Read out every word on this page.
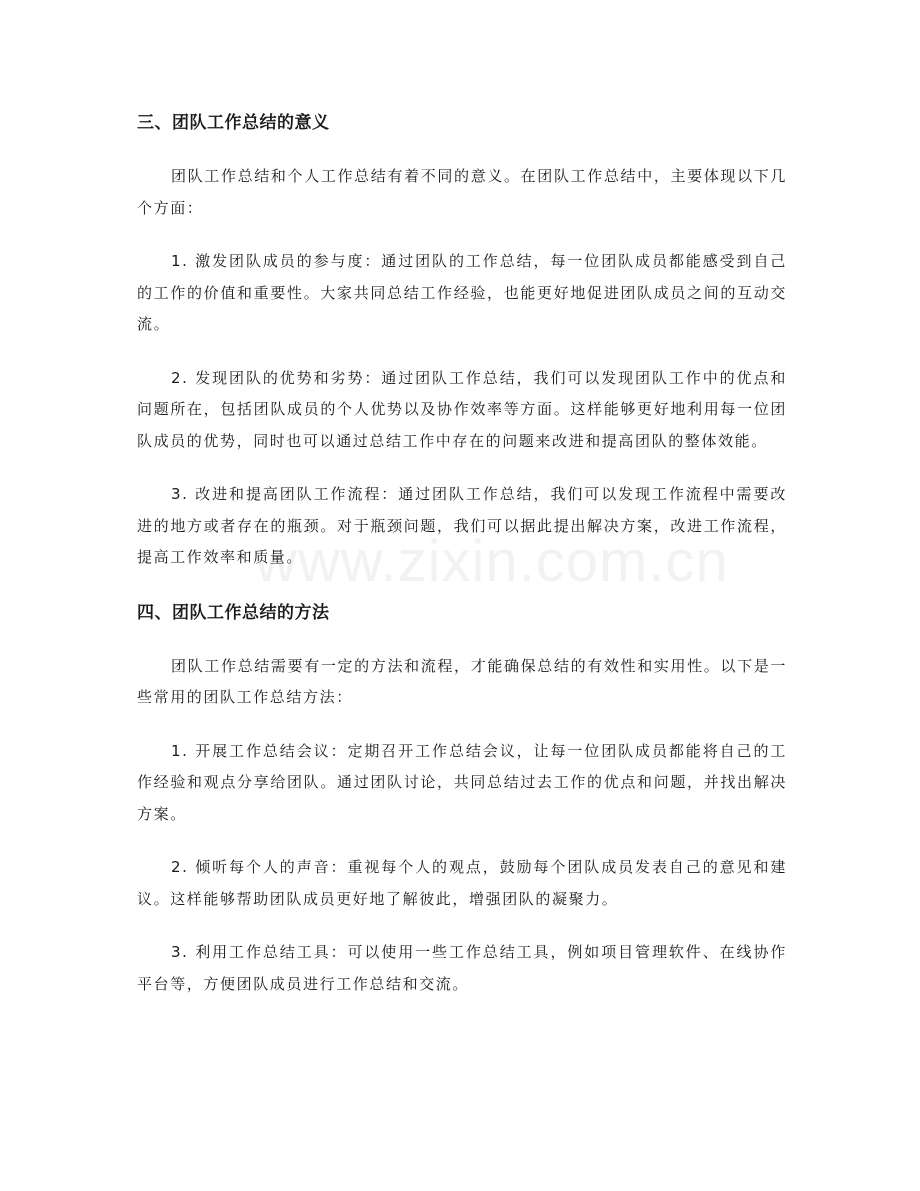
www.zixin.com.cn
三、团队工作总结的意义

团队工作总结和个人工作总结有着不同的意义。在团队工作总结中，主要体现以下几个方面：

1. 激发团队成员的参与度：通过团队的工作总结，每一位团队成员都能感受到自己的工作的价值和重要性。大家共同总结工作经验，也能更好地促进团队成员之间的互动交流。

2. 发现团队的优势和劣势：通过团队工作总结，我们可以发现团队工作中的优点和问题所在，包括团队成员的个人优势以及协作效率等方面。这样能够更好地利用每一位团队成员的优势，同时也可以通过总结工作中存在的问题来改进和提高团队的整体效能。

3. 改进和提高团队工作流程：通过团队工作总结，我们可以发现工作流程中需要改进的地方或者存在的瓶颈。对于瓶颈问题，我们可以据此提出解决方案，改进工作流程，提高工作效率和质量。

四、团队工作总结的方法

团队工作总结需要有一定的方法和流程，才能确保总结的有效性和实用性。以下是一些常用的团队工作总结方法：

1. 开展工作总结会议：定期召开工作总结会议，让每一位团队成员都能将自己的工作经验和观点分享给团队。通过团队讨论，共同总结过去工作的优点和问题，并找出解决方案。

2. 倾听每个人的声音：重视每个人的观点，鼓励每个团队成员发表自己的意见和建议。这样能够帮助团队成员更好地了解彼此，增强团队的凝聚力。

3. 利用工作总结工具：可以使用一些工作总结工具，例如项目管理软件、在线协作平台等，方便团队成员进行工作总结和交流。
